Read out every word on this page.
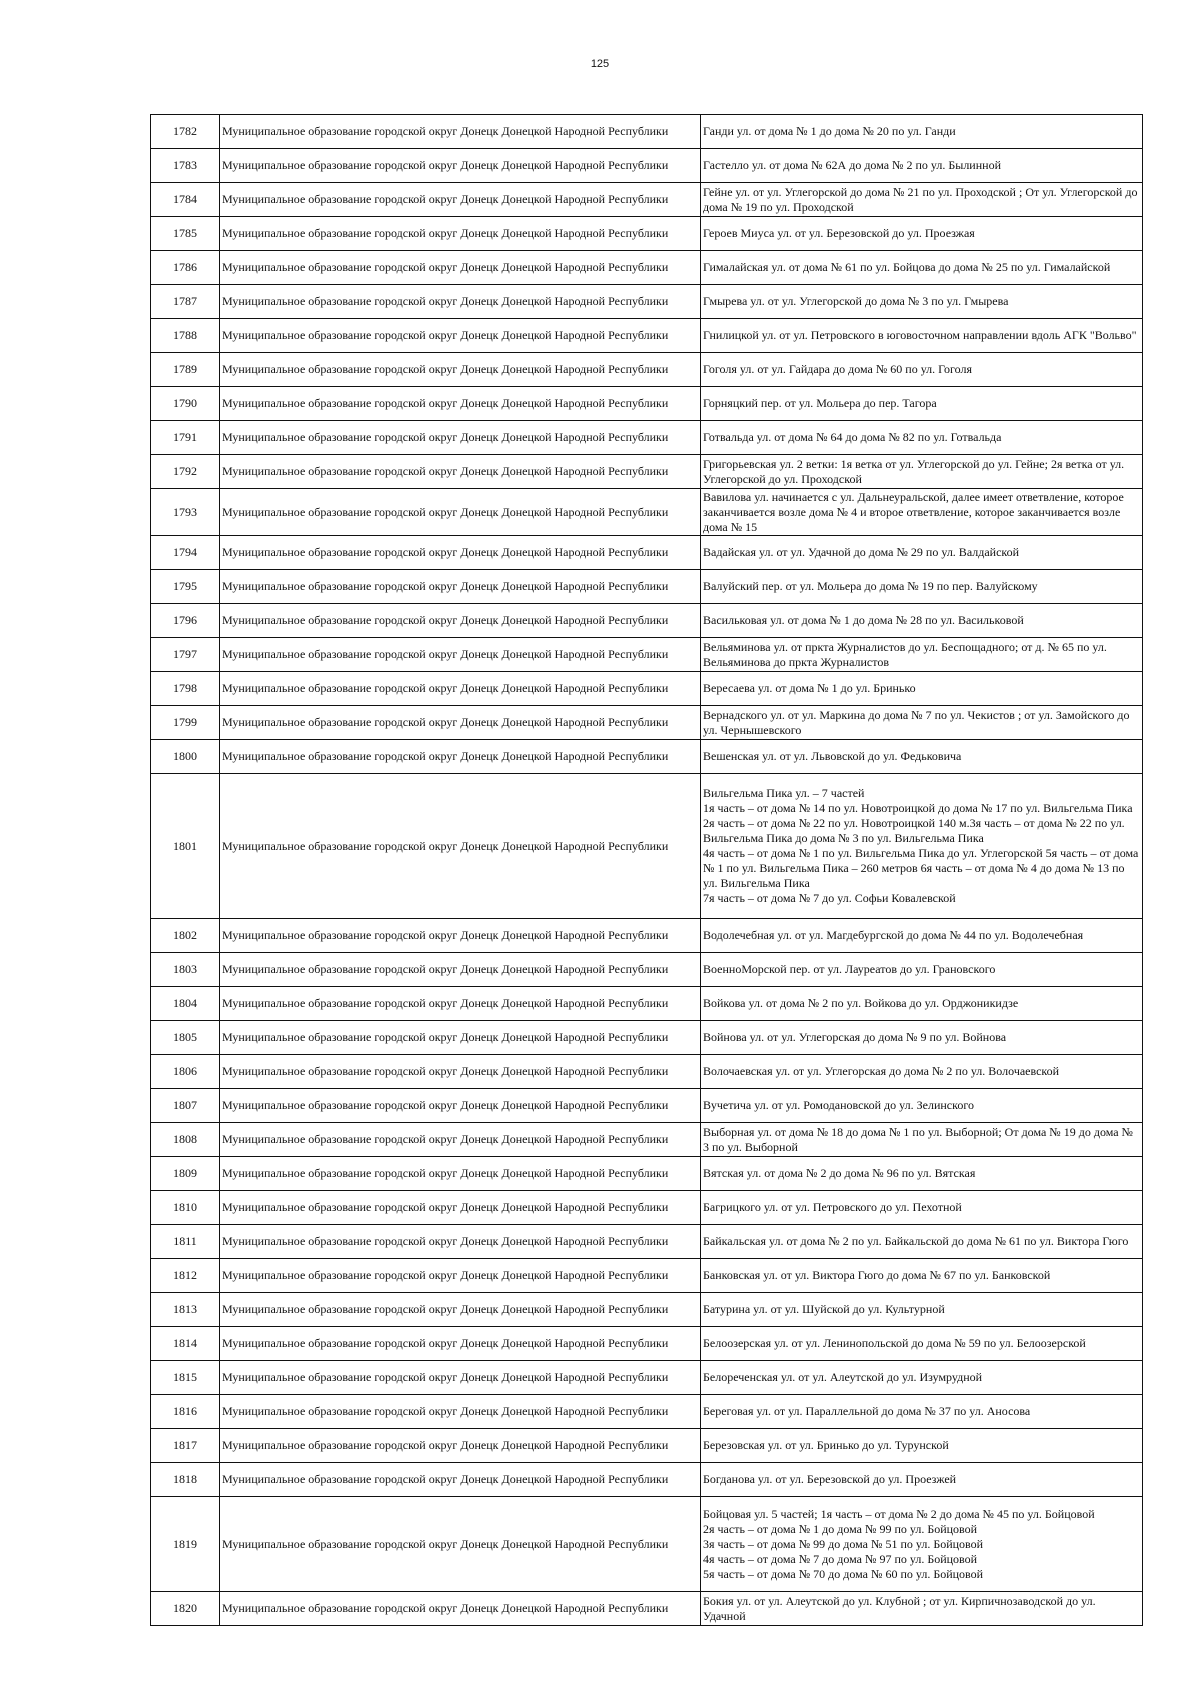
125
1782	Муниципальное образование городской округ Донецк Донецкой Народной Республики	Ганди ул. от дома № 1 до дома № 20 по ул. Ганди
1783	Муниципальное образование городской округ Донецк Донецкой Народной Республики	Гастелло ул. от дома № 62А до дома № 2 по ул. Былинной
1784	Муниципальное образование городской округ Донецк Донецкой Народной Республики	Гейне ул. от ул. Углегорской до дома № 21 по ул. Проходской ; От ул. Углегорской до дома № 19 по ул. Проходской
1785	Муниципальное образование городской округ Донецк Донецкой Народной Республики	Героев Миуса ул. от ул. Березовской до ул. Проезжая
1786	Муниципальное образование городской округ Донецк Донецкой Народной Республики	Гималайская ул. от дома № 61 по ул. Бойцова до дома № 25 по ул. Гималайской
1787	Муниципальное образование городской округ Донецк Донецкой Народной Республики	Гмырева ул. от ул. Углегорской до дома № 3 по ул. Гмырева
1788	Муниципальное образование городской округ Донецк Донецкой Народной Республики	Гнилицкой ул. от ул. Петровского в юговосточном направлении вдоль АГК "Вольво"
1789	Муниципальное образование городской округ Донецк Донецкой Народной Республики	Гоголя ул. от ул. Гайдара до дома № 60 по ул. Гоголя
1790	Муниципальное образование городской округ Донецк Донецкой Народной Республики	Горняцкий пер. от ул. Мольера до пер. Тагора
1791	Муниципальное образование городской округ Донецк Донецкой Народной Республики	Готвальда ул. от дома № 64 до дома № 82 по ул. Готвальда
1792	Муниципальное образование городской округ Донецк Донецкой Народной Республики	Григорьевская ул. 2 ветки: 1я ветка от ул. Углегорской до ул. Гейне; 2я ветка от ул. Углегорской до ул. Проходской
1793	Муниципальное образование городской округ Донецк Донецкой Народной Республики	Вавилова ул. начинается с ул. Дальнеуральской, далее имеет ответвление, которое заканчивается возле дома № 4 и второе ответвление, которое заканчивается возле дома № 15
1794	Муниципальное образование городской округ Донецк Донецкой Народной Республики	Вадайская ул. от ул. Удачной до дома № 29 по ул. Валдайской
1795	Муниципальное образование городской округ Донецк Донецкой Народной Республики	Валуйский пер. от ул. Мольера до дома № 19 по пер. Валуйскому
1796	Муниципальное образование городской округ Донецк Донецкой Народной Республики	Васильковая ул. от дома № 1 до дома № 28 по ул. Васильковой
1797	Муниципальное образование городской округ Донецк Донецкой Народной Республики	Вельяминова ул. от пркта Журналистов до ул. Беспощадного; от д. № 65 по ул. Вельяминова до пркта Журналистов
1798	Муниципальное образование городской округ Донецк Донецкой Народной Республики	Вересаева ул. от дома № 1 до ул. Бринько
1799	Муниципальное образование городской округ Донецк Донецкой Народной Республики	Вернадского ул. от ул. Маркина до дома № 7 по ул. Чекистов ; от ул. Замойского до ул. Чернышевского
1800	Муниципальное образование городской округ Донецк Донецкой Народной Республики	Вешенская ул. от ул. Львовской до ул. Федьковича
1801	Муниципальное образование городской округ Донецк Донецкой Народной Республики	Вильгельма Пика ул. – 7 частей
1я часть – от дома № 14 по ул. Новотроицкой до дома № 17 по ул. Вильгельма Пика
2я часть – от дома № 22 по ул. Новотроицкой 140 м.3я часть – от дома № 22 по ул. Вильгельма Пика до дома № 3 по ул. Вильгельма Пика
4я часть – от дома № 1 по ул. Вильгельма Пика до ул. Углегорской 5я часть – от дома № 1 по ул. Вильгельма Пика – 260 метров 6я часть – от дома № 4 до дома № 13 по ул. Вильгельма Пика
7я часть – от дома № 7 до ул. Софьи Ковалевской

1802	Муниципальное образование городской округ Донецк Донецкой Народной Республики	Водолечебная ул. от ул. Магдебургской до дома № 44 по ул. Водолечебная
1803	Муниципальное образование городской округ Донецк Донецкой Народной Республики	ВоенноМорской пер. от ул. Лауреатов до ул. Грановского
1804	Муниципальное образование городской округ Донецк Донецкой Народной Республики	Войкова ул. от дома № 2 по ул. Войкова до ул. Орджоникидзе
1805	Муниципальное образование городской округ Донецк Донецкой Народной Республики	Войнова ул. от ул. Углегорская до дома № 9 по ул. Войнова
1806	Муниципальное образование городской округ Донецк Донецкой Народной Республики	Волочаевская ул. от ул. Углегорская до дома № 2 по ул. Волочаевской
1807	Муниципальное образование городской округ Донецк Донецкой Народной Республики	Вучетича ул. от ул. Ромодановской до ул. Зелинского
1808	Муниципальное образование городской округ Донецк Донецкой Народной Республики	Выборная ул. от дома № 18 до дома № 1 по ул. Выборной; От дома № 19 до дома № 3 по ул. Выборной
1809	Муниципальное образование городской округ Донецк Донецкой Народной Республики	Вятская ул. от дома № 2 до дома № 96 по ул. Вятская
1810	Муниципальное образование городской округ Донецк Донецкой Народной Республики	Багрицкого ул. от ул. Петровского до ул. Пехотной
1811	Муниципальное образование городской округ Донецк Донецкой Народной Республики	Байкальская ул. от дома № 2 по ул. Байкальской до дома № 61 по ул. Виктора Гюго
1812	Муниципальное образование городской округ Донецк Донецкой Народной Республики	Банковская ул. от ул. Виктора Гюго до дома № 67 по ул. Банковской
1813	Муниципальное образование городской округ Донецк Донецкой Народной Республики	Батурина ул. от ул. Шуйской до ул. Культурной
1814	Муниципальное образование городской округ Донецк Донецкой Народной Республики	Белоозерская ул. от ул. Ленинопольской до дома № 59 по ул. Белоозерской
1815	Муниципальное образование городской округ Донецк Донецкой Народной Республики	Белореченская ул. от ул. Алеутской до ул. Изумрудной
1816	Муниципальное образование городской округ Донецк Донецкой Народной Республики	Береговая ул. от ул. Параллельной до дома № 37 по ул. Аносова
1817	Муниципальное образование городской округ Донецк Донецкой Народной Республики	Березовская ул. от ул. Бринько до ул. Турунской
1818	Муниципальное образование городской округ Донецк Донецкой Народной Республики	Богданова ул. от ул. Березовской до ул. Проезжей
1819	Муниципальное образование городской округ Донецк Донецкой Народной Республики	Бойцовая ул. 5 частей; 1я часть – от дома № 2 до дома № 45 по ул. Бойцовой
2я часть – от дома № 1 до дома № 99 по ул. Бойцовой
3я часть – от дома № 99 до дома № 51 по ул. Бойцовой
4я часть – от дома № 7 до дома № 97 по ул. Бойцовой
5я часть – от дома № 70 до дома № 60 по ул. Бойцовой

1820	Муниципальное образование городской округ Донецк Донецкой Народной Республики	Бокия ул. от ул. Алеутской до ул. Клубной ; от ул. Кирпичнозаводской до ул. Удачной
